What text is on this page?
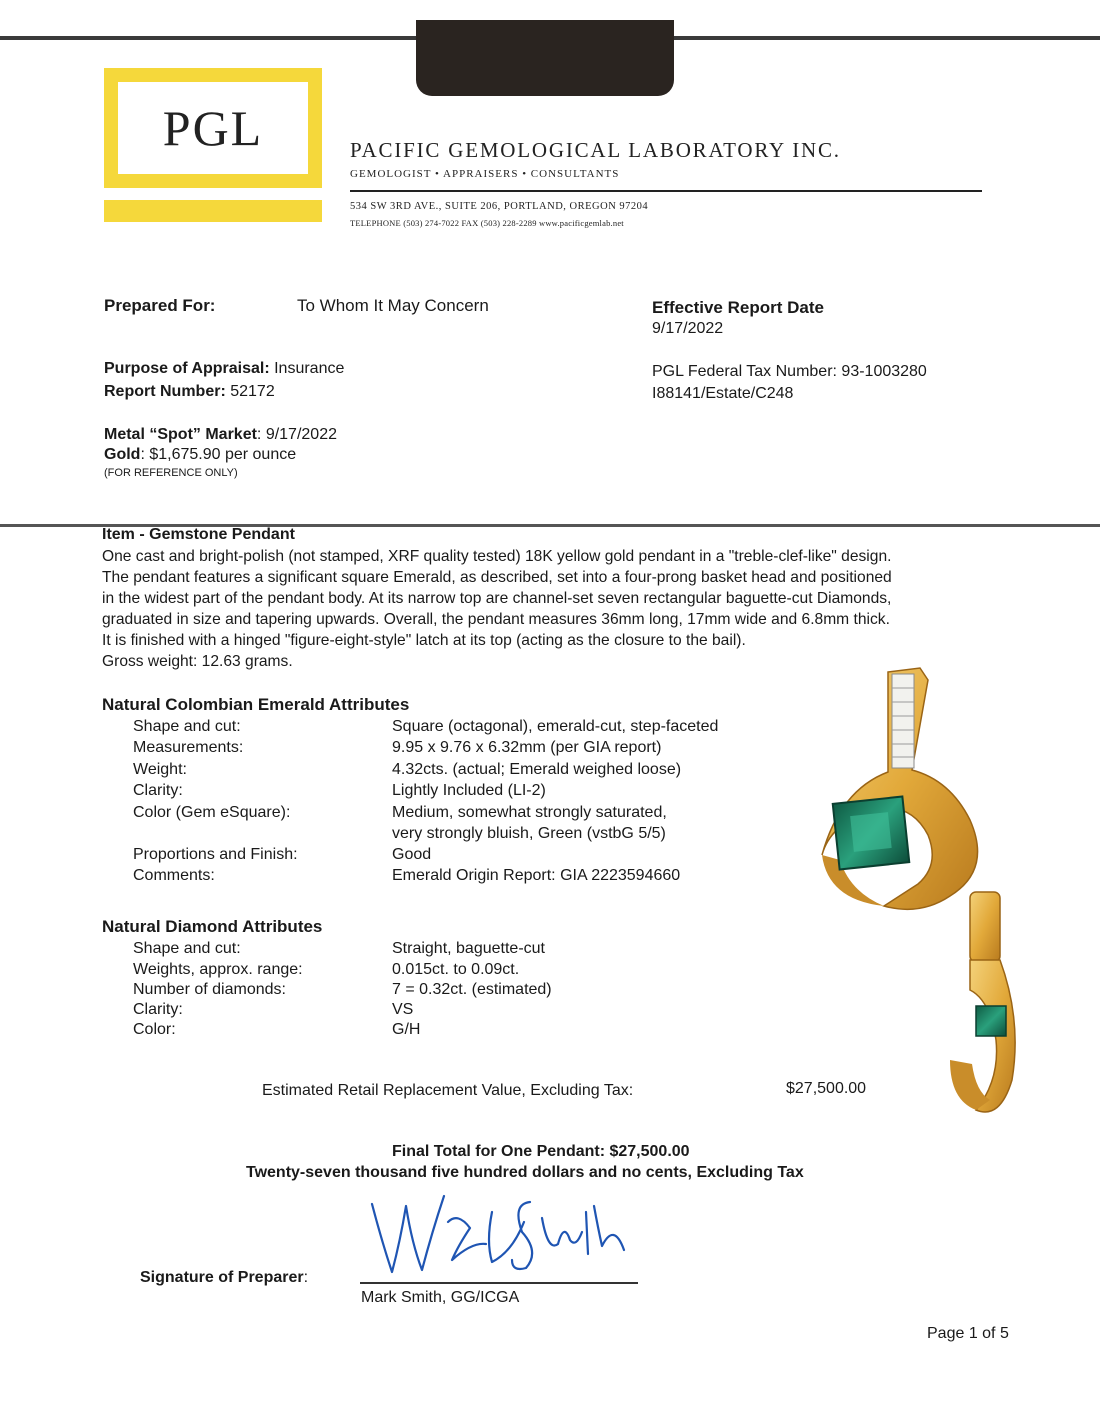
PGL	PACIFIC GEMOLOGICAL LABORATORY INC.
GEMOLOGIST • APPRAISERS • CONSULTANTS
534 SW 3RD AVE., SUITE 206, PORTLAND, OREGON 97204
TELEPHONE (503) 274-7022 FAX (503) 228-2289 www.pacificgemlab.net
Prepared For:	To Whom It May Concern
Purpose of Appraisal: Insurance
Report Number: 52172
Metal “Spot” Market: 9/17/2022
Gold: $1,675.90 per ounce
(FOR REFERENCE ONLY)
Effective Report Date
9/17/2022
PGL Federal Tax Number: 93-1003280
I88141/Estate/C248
Item - Gemstone Pendant
One cast and bright-polish (not stamped, XRF quality tested) 18K yellow gold pendant in a "treble-clef-like" design.
The pendant features a significant square Emerald, as described, set into a four-prong basket head and positioned
in the widest part of the pendant body. At its narrow top are channel-set seven rectangular baguette-cut Diamonds,
graduated in size and tapering upwards. Overall, the pendant measures 36mm long, 17mm wide and 6.8mm thick.
It is finished with a hinged "figure-eight-style" latch at its top (acting as the closure to the bail).
Gross weight: 12.63 grams.
Natural Colombian Emerald Attributes
Shape and cut:	Square (octagonal), emerald-cut, step-faceted
Measurements:	9.95 x 9.76 x 6.32mm (per GIA report)
Weight:	4.32cts. (actual; Emerald weighed loose)
Clarity:	Lightly Included (LI-2)
Color (Gem eSquare):	Medium, somewhat strongly saturated,
very strongly bluish, Green (vstbG 5/5)
Proportions and Finish:	Good
Comments:	Emerald Origin Report: GIA 2223594660
Natural Diamond Attributes
Shape and cut:	Straight, baguette-cut
Weights, approx. range:	0.015ct. to 0.09ct.
Number of diamonds:	7 = 0.32ct. (estimated)
Clarity:	VS
Color:	G/H
Estimated Retail Replacement Value, Excluding Tax:	$27,500.00
Final Total for One Pendant: $27,500.00
Twenty-seven thousand five hundred dollars and no cents, Excluding Tax
Signature of Preparer:
Mark Smith, GG/ICGA
Page 1 of 5
